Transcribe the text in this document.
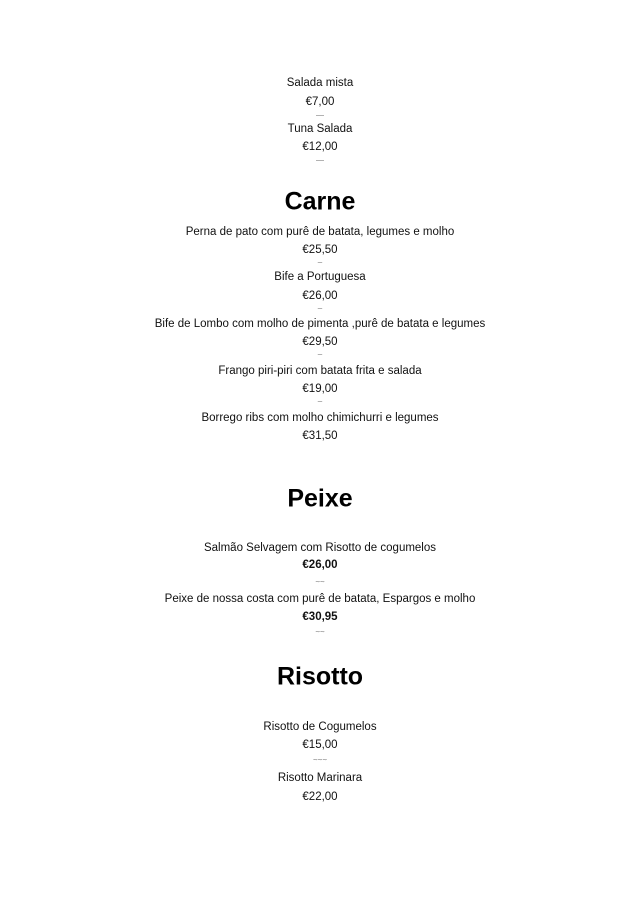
Salada mista
€7,00
—
Tuna Salada
€12,00
—
Carne
Perna de pato com purê de batata, legumes e molho
€25,50
–
Bife a Portuguesa
€26,00
–
Bife de Lombo com molho de pimenta ,purê de batata e legumes
€29,50
–
Frango piri-piri com batata frita e salada
€19,00
–
Borrego ribs com molho chimichurri e legumes
€31,50
Peixe
Salmão Selvagem com Risotto de cogumelos
€26,00
~~
Peixe de nossa costa com purê de batata, Espargos e molho
€30,95
~~
Risotto
Risotto de Cogumelos
€15,00
~~~
Risotto Marinara
€22,00
